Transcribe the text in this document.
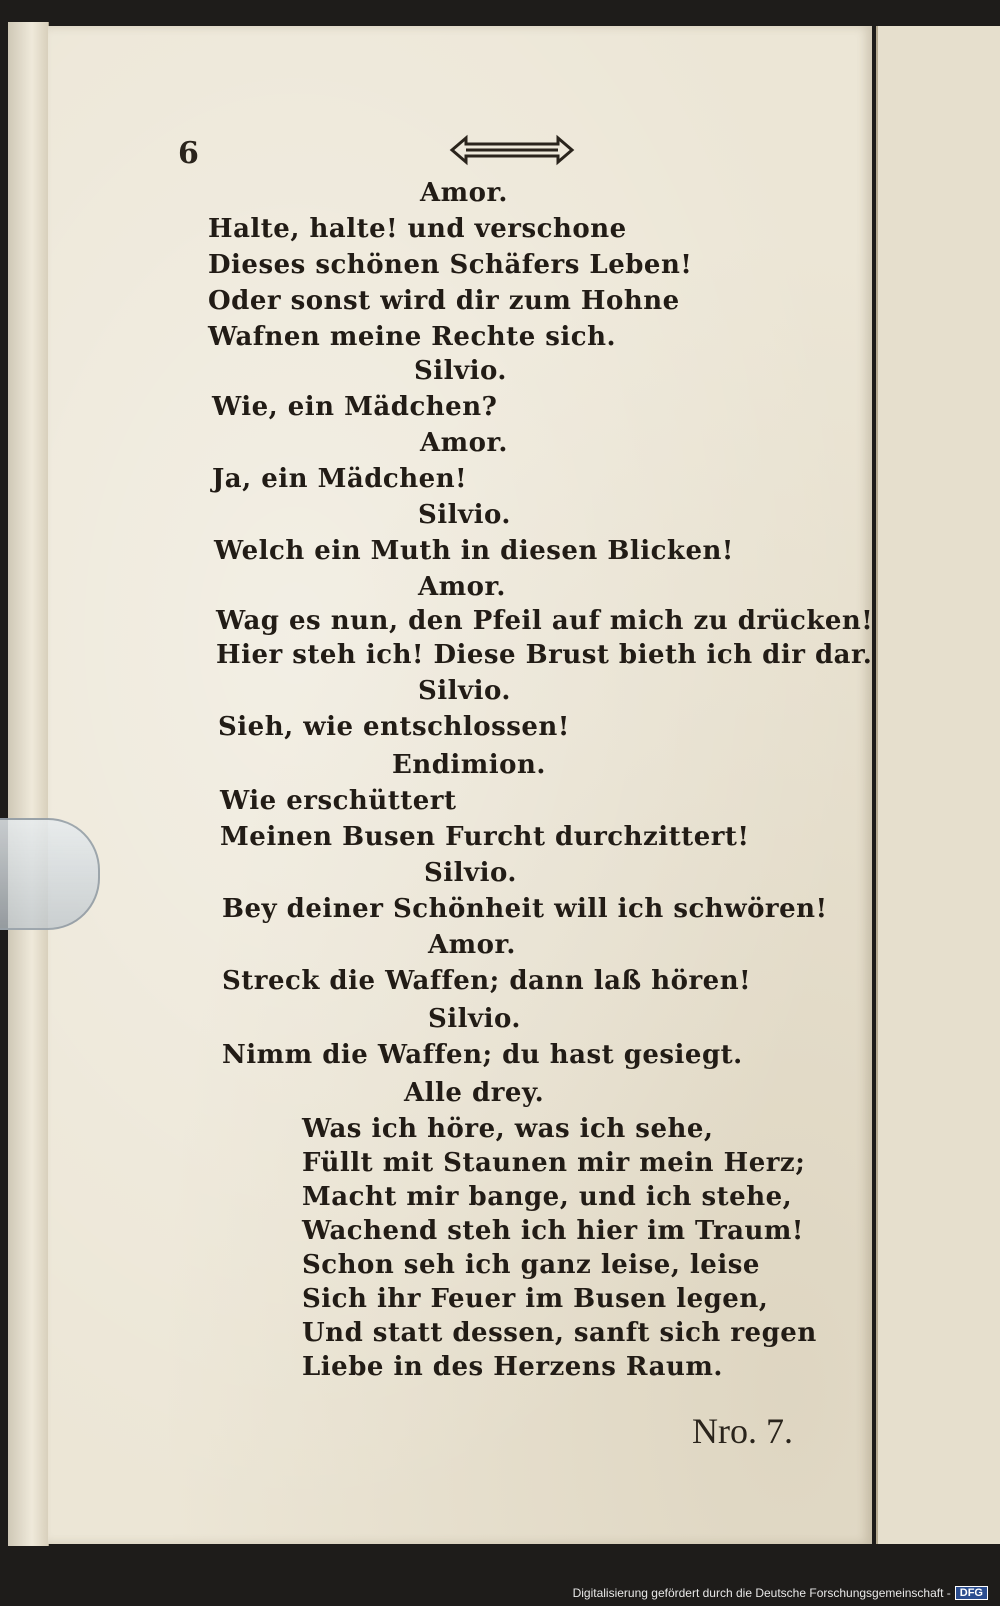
6
Amor.
Halte, halte! und verschone
Dieses schönen Schäfers Leben!
Oder sonst wird dir zum Hohne
Wafnen meine Rechte sich.
Silvio.
Wie, ein Mädchen?
Amor.
Ja, ein Mädchen!
Silvio.
Welch ein Muth in diesen Blicken!
Amor.
Wag es nun, den Pfeil auf mich zu drücken!
Hier steh ich! Diese Brust bieth ich dir dar.
Silvio.
Sieh, wie entschlossen!
Endimion.
Wie erschüttert
Meinen Busen Furcht durchzittert!
Silvio.
Bey deiner Schönheit will ich schwören!
Amor.
Streck die Waffen; dann laß hören!
Silvio.
Nimm die Waffen; du hast gesiegt.
Alle drey.
Was ich höre, was ich sehe,
Füllt mit Staunen mir mein Herz;
Macht mir bange, und ich stehe,
Wachend steh ich hier im Traum!
Schon seh ich ganz leise, leise
Sich ihr Feuer im Busen legen,
Und statt dessen, sanft sich regen
Liebe in des Herzens Raum.
Nro. 7.
Digitalisierung gefördert durch die Deutsche Forschungsgemeinschaft - DFG
